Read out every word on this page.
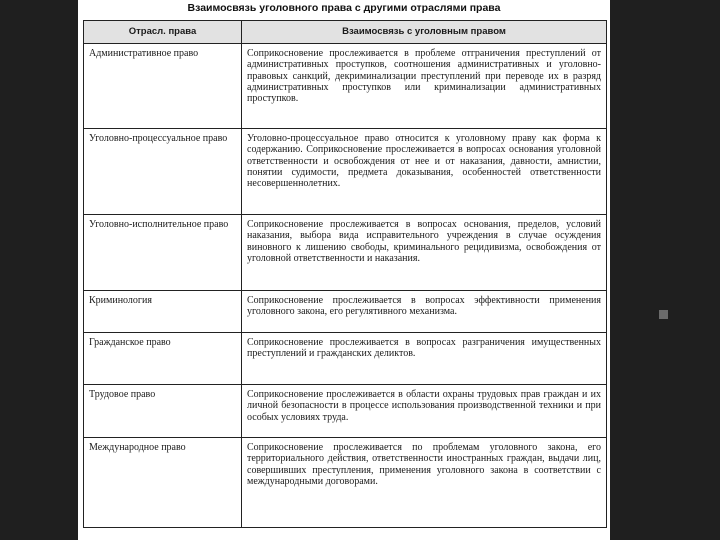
Взаимосвязь уголовного права с другими отраслями права
Отрасл. права	Взаимосвязь с уголовным правом
Административное право	Соприкосновение прослеживается в проблеме отграничения преступлений от административных проступков, соотношения административных и уголовно-правовых санкций, декриминализации преступлений при переводе их в разряд административных проступков или криминализации административных проступков.
Уголовно-процессуальное право	Уголовно-процессуальное право относится к уголовному праву как форма к содержанию. Соприкосновение прослеживается в вопросах основания уголовной ответственности и освобождения от нее и от наказания, давности, амнистии, понятии судимости, предмета доказывания, особенностей ответственности несовершеннолетних.
Уголовно-исполнительное право	Соприкосновение прослеживается в вопросах основания, пределов, условий наказания, выбора вида исправительного учреждения в случае осуждения виновного к лишению свободы, криминального рецидивизма, освобождения от уголовной ответственности и наказания.
Криминология	Соприкосновение прослеживается в вопросах эффективности применения уголовного закона, его регулятивного механизма.
Гражданское право	Соприкосновение прослеживается в вопросах разграничения имущественных преступлений и гражданских деликтов.
Трудовое право	Соприкосновение прослеживается в области охраны трудовых прав граждан и их личной безопасности в процессе использования производственной техники и при особых условиях труда.
Международное право	Соприкосновение прослеживается по проблемам уголовного закона, его территориального действия, ответственности иностранных граждан, выдачи лиц, совершивших преступления, применения уголовного закона в соответствии с международными договорами.
